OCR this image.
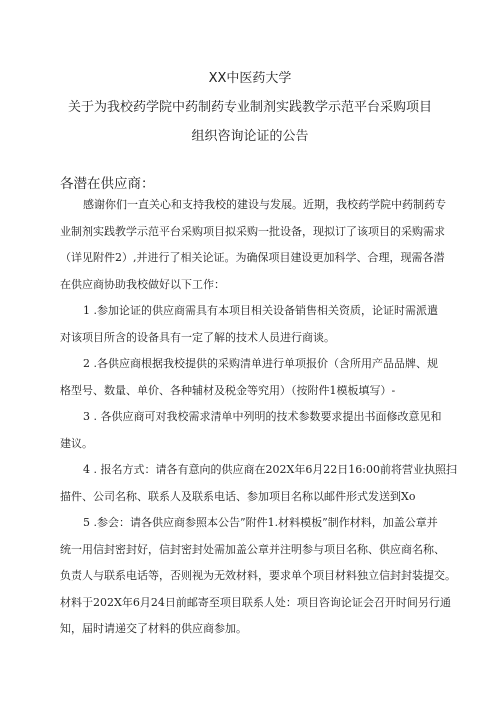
XX中医药大学
关于为我校药学院中药制药专业制剂实践教学示范平台采购项目
组织咨询论证的公告
各潜在供应商：
感谢你们一直关心和支持我校的建设与发展。近期，我校药学院中药制药专
业制剂实践教学示范平台采购项目拟采购一批设备，现拟订了该项目的采购需求
（详见附件2）,并进行了相关论证。为确保项目建设更加科学、合理，现需各潜
在供应商协助我校做好以下工作：
1 .参加论证的供应商需具有本项目相关设备销售相关资质，论证时需派遣
对该项目所含的设备具有一定了解的技术人员进行商谈。
2 .各供应商根据我校提供的采购清单进行单项报价（含所用产品品牌、规
格型号、数量、单价、各种辅材及税金等究用）（按附件1模板填写）-
3 . 各供应商可对我校需求清单中列明的技术参数要求提出书面修改意见和
建议。
4 . 报名方式：请各有意向的供应商在202X年6月22日16:00前将营业执照扫
描件、公司名称、联系人及联系电话、参加项目名称以邮件形式发送到Xo
5 .参会：请各供应商参照本公告”附件1.材料模板”制作材料，加盖公章并
统一用信封密封好，信封密封处需加盖公章并注明参与项目名称、供应商名称、
负责人与联系电话等，否则视为无效材料，要求单个项目材料独立信封封装提交。
材料于202X年6月24日前邮寄至项目联系人处：项目咨询论证会召开时间另行通
知，届时请递交了材料的供应商参加。
